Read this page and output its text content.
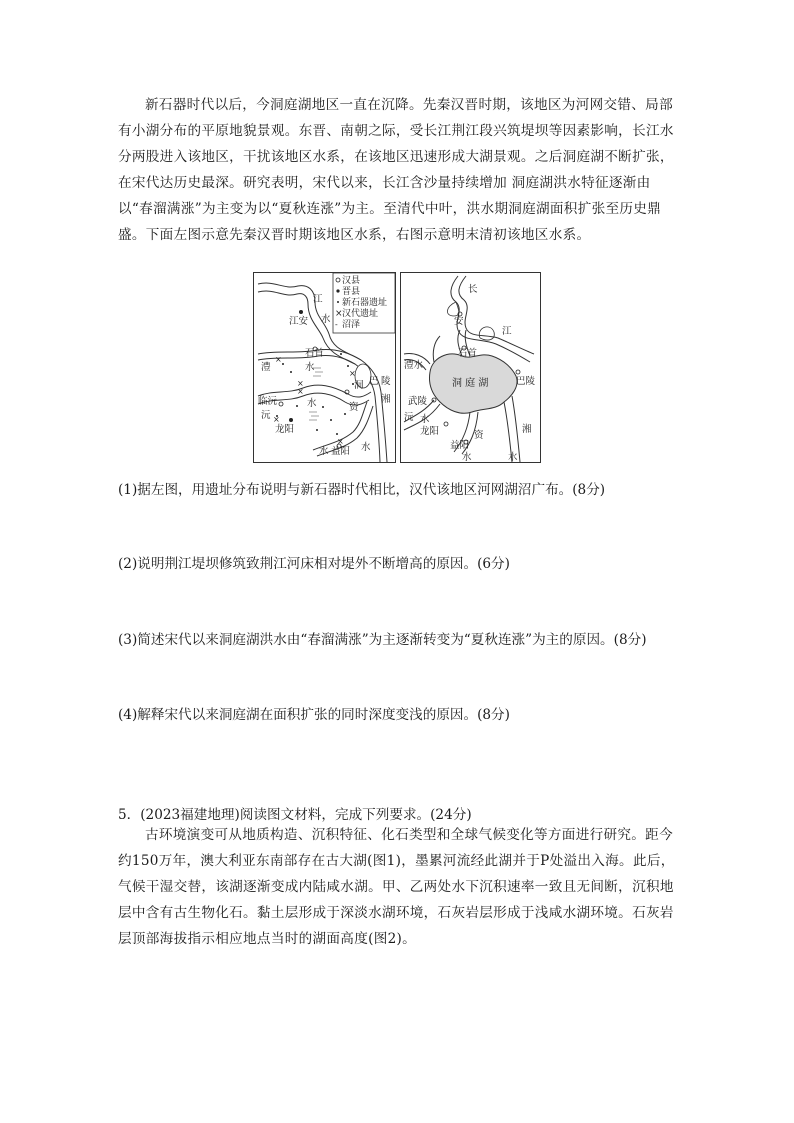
新石器时代以后，今洞庭湖地区一直在沉降。先秦汉晋时期，该地区为河网交错、局部有小湖分布的平原地貌景观。东晋、南朝之际，受长江荆江段兴筑堤坝等因素影响，长江水分两股进入该地区，干扰该地区水系，在该地区迅速形成大湖景观。之后洞庭湖不断扩张，在宋代达历史最深。研究表明，宋代以来，长江含沙量持续增加 洞庭湖洪水特征逐渐由以“春溜满涨”为主变为以“夏秋连涨”为主。至清代中叶，洪水期洞庭湖面积扩张至历史鼎盛。下面左图示意先秦汉晋时期该地区水系，右图示意明末清初该地区水系。

汉县
晋县
新石器遗址
× 汉代遗址
- 沼泽
×
×
×
×
×
×
江
江安 水
石首
澧	水
洞 巴 陵
湘
临沅
沅
水
龙阳
资
水
水 益阳
长
安
江
石首
澧水
洞 庭 湖	巴陵
武陵
沅 水
龙阳	资
湘
益阳
水	水

(1)据左图，用遗址分布说明与新石器时代相比，汉代该地区河网湖沼广布。(8分)

(2)说明荆江堤坝修筑致荆江河床相对堤外不断增高的原因。(6分)

(3)简述宋代以来洞庭湖洪水由“春溜满涨”为主逐渐转变为“夏秋连涨”为主的原因。(8分)

(4)解释宋代以来洞庭湖在面积扩张的同时深度变浅的原因。(8分)

5．(2023福建地理)阅读图文材料，完成下列要求。(24分)

古环境演变可从地质构造、沉积特征、化石类型和全球气候变化等方面进行研究。距今约150万年，澳大利亚东南部存在古大湖(图1)，墨累河流经此湖并于P处溢出入海。此后，气候干湿交替，该湖逐渐变成内陆咸水湖。甲、乙两处水下沉积速率一致且无间断，沉积地层中含有古生物化石。黏土层形成于深淡水湖环境，石灰岩层形成于浅咸水湖环境。石灰岩层顶部海拔指示相应地点当时的湖面高度(图2)。
